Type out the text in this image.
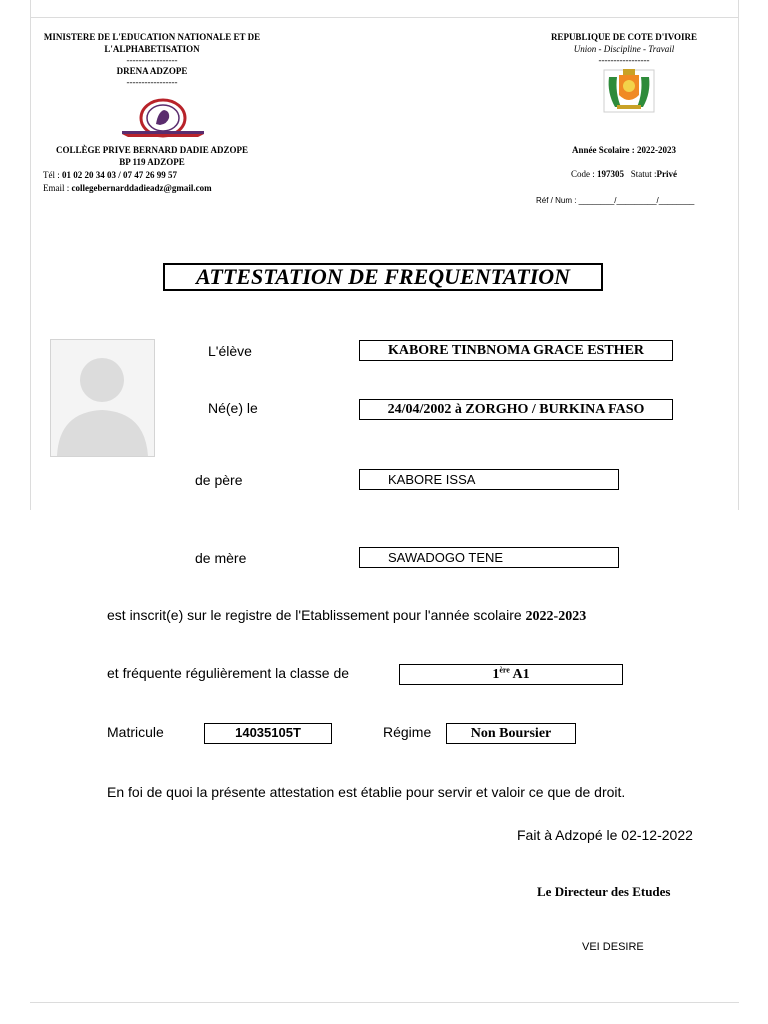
MINISTERE DE L'EDUCATION NATIONALE ET DE
L'ALPHABETISATION
-----------------
DRENA ADZOPE
-----------------
COLLÈGE PRIVE BERNARD DADIE ADZOPE
BP 119 ADZOPE
Tél : 01 02 20 34 03 / 07 47 26 99 57
Email : collegebernarddadieadz@gmail.com
REPUBLIQUE DE COTE D'IVOIRE
Union - Discipline - Travail
-----------------
Année Scolaire : 2022-2023
Code : 197305 Statut :Privé
Réf / Num : ________/_________/________
ATTESTATION DE FREQUENTATION
L'élève	KABORE TINBNOMA GRACE ESTHER
Né(e) le	24/04/2002 à ZORGHO / BURKINA FASO
de père	KABORE ISSA
de mère	SAWADOGO TENE
est inscrit(e) sur le registre de l'Etablissement pour l'année scolaire 2022-2023
et fréquente régulièrement la classe de	1ère A1
Matricule	14035105T	Régime	Non Boursier
En foi de quoi la présente attestation est établie pour servir et valoir ce que de droit.
Fait à Adzopé le 02-12-2022
Le Directeur des Etudes
VEI DESIRE
